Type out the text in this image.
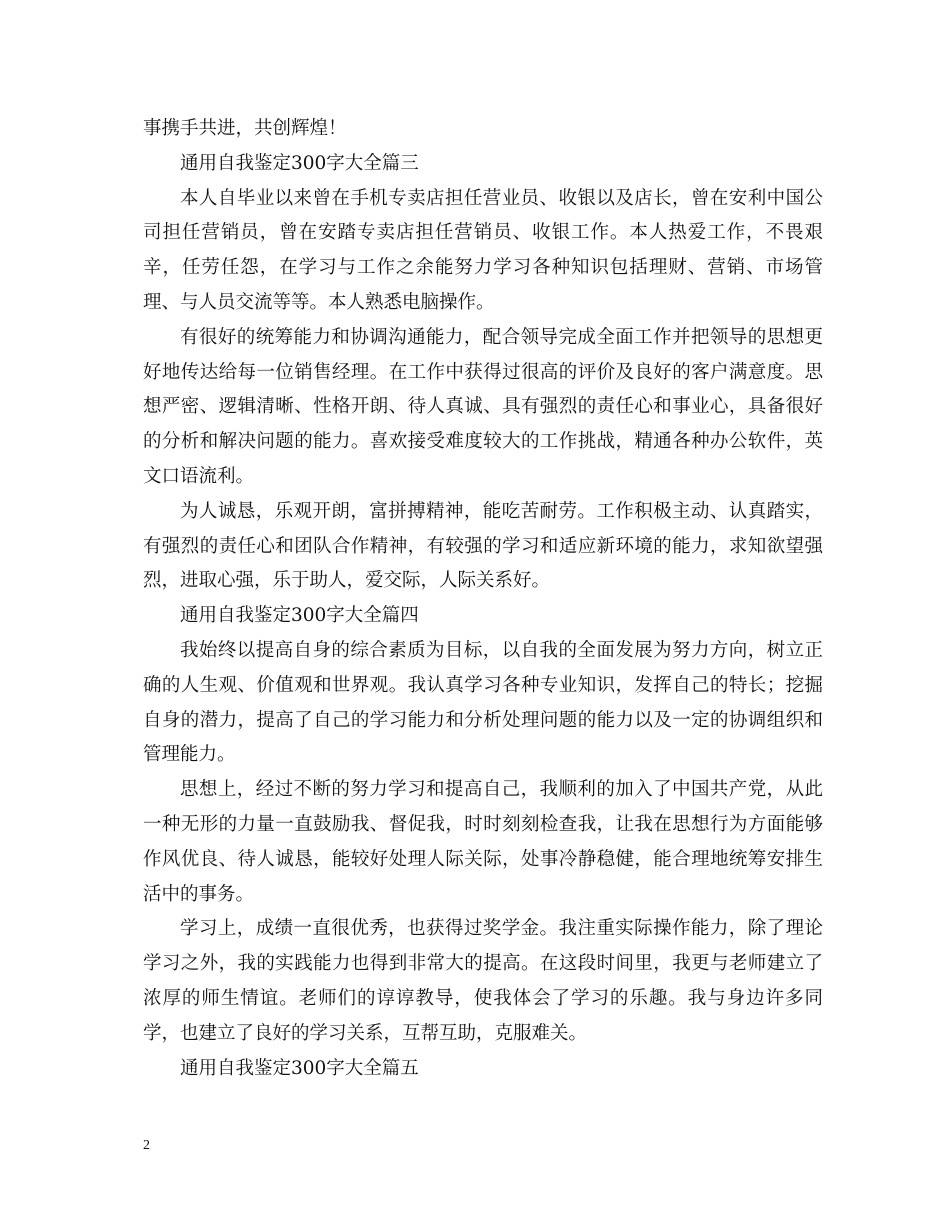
事携手共进，共创辉煌！

通用自我鉴定300字大全篇三

本人自毕业以来曾在手机专卖店担任营业员、收银以及店长，曾在安利中国公司担任营销员，曾在安踏专卖店担任营销员、收银工作。本人热爱工作，不畏艰辛，任劳任怨，在学习与工作之余能努力学习各种知识包括理财、营销、市场管理、与人员交流等等。本人熟悉电脑操作。

有很好的统筹能力和协调沟通能力，配合领导完成全面工作并把领导的思想更好地传达给每一位销售经理。在工作中获得过很高的评价及良好的客户满意度。思想严密、逻辑清晰、性格开朗、待人真诚、具有强烈的责任心和事业心，具备很好的分析和解决问题的能力。喜欢接受难度较大的工作挑战，精通各种办公软件，英文口语流利。

为人诚恳，乐观开朗，富拼搏精神，能吃苦耐劳。工作积极主动、认真踏实，有强烈的责任心和团队合作精神，有较强的学习和适应新环境的能力，求知欲望强烈，进取心强，乐于助人，爱交际，人际关系好。

通用自我鉴定300字大全篇四

我始终以提高自身的综合素质为目标，以自我的全面发展为努力方向，树立正确的人生观、价值观和世界观。我认真学习各种专业知识，发挥自己的特长；挖掘自身的潜力，提高了自己的学习能力和分析处理问题的能力以及一定的协调组织和管理能力。

思想上，经过不断的努力学习和提高自己，我顺利的加入了中国共产党，从此一种无形的力量一直鼓励我、督促我，时时刻刻检查我，让我在思想行为方面能够作风优良、待人诚恳，能较好处理人际关际，处事冷静稳健，能合理地统筹安排生活中的事务。

学习上，成绩一直很优秀，也获得过奖学金。我注重实际操作能力，除了理论学习之外，我的实践能力也得到非常大的提高。在这段时间里，我更与老师建立了浓厚的师生情谊。老师们的谆谆教导，使我体会了学习的乐趣。我与身边许多同学，也建立了良好的学习关系，互帮互助，克服难关。

通用自我鉴定300字大全篇五

2
